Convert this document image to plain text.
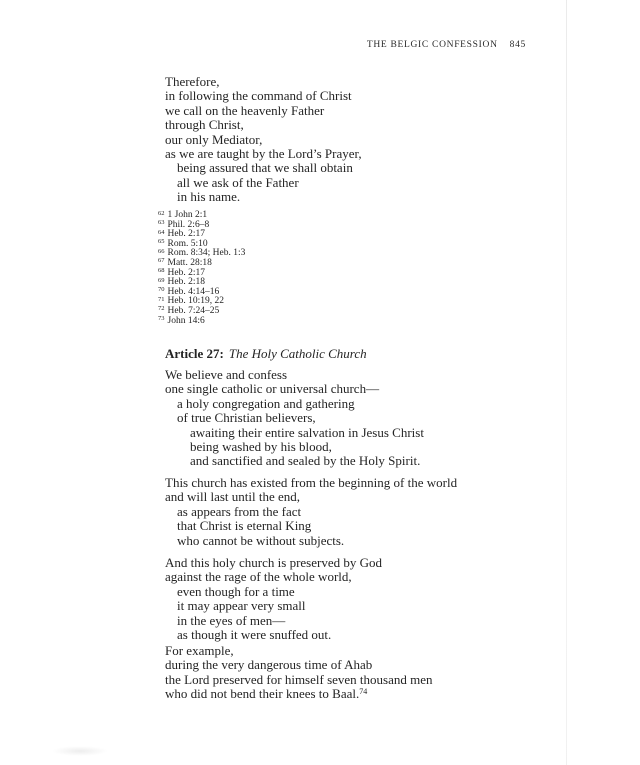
THE BELGIC CONFESSION 845
Therefore,
in following the command of Christ
we call on the heavenly Father
through Christ,
our only Mediator,
as we are taught by the Lord’s Prayer,
being assured that we shall obtain
all we ask of the Father
in his name.
$^{62}$ 1 John 2:1
$^{63}$ Phil. 2:6–8
$^{64}$ Heb. 2:17
$^{65}$ Rom. 5:10
$^{66}$ Rom. 8:34; Heb. 1:3
$^{67}$ Matt. 28:18
$^{68}$ Heb. 2:17
$^{69}$ Heb. 2:18
$^{70}$ Heb. 4:14–16
$^{71}$ Heb. 10:19, 22
$^{72}$ Heb. 7:24–25
$^{73}$ John 14:6
Article 27: The Holy Catholic Church
We believe and confess
one single catholic or universal church—
a holy congregation and gathering
of true Christian believers,
awaiting their entire salvation in Jesus Christ
being washed by his blood,
and sanctified and sealed by the Holy Spirit.
This church has existed from the beginning of the world
and will last until the end,
as appears from the fact
that Christ is eternal King
who cannot be without subjects.
And this holy church is preserved by God
against the rage of the whole world,
even though for a time
it may appear very small
in the eyes of men—
as though it were snuffed out.
For example,
during the very dangerous time of Ahab
the Lord preserved for himself seven thousand men
who did not bend their knees to Baal.$^{74}$
